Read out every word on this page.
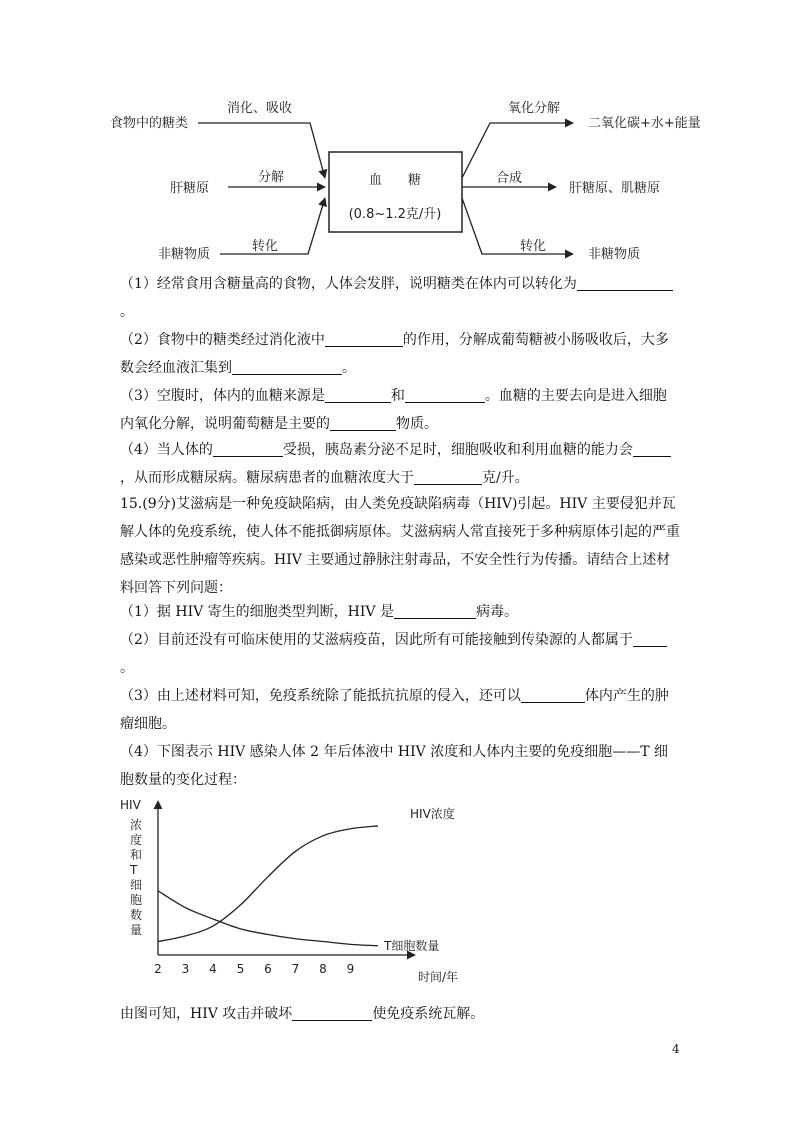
血　　糖
(0.8~1.2克/升)
食物中的糖类
消化、吸收
肝糖原
分解
非糖物质
转化
氧化分解
二氧化碳+水+能量
合成
肝糖原、肌糖原
转化
非糖物质

（1）经常食用含糖量高的食物，人体会发胖，说明糖类在体内可以转化为
。

（2）食物中的糖类经过消化液中	的作用，分解成葡萄糖被小肠吸收后，大多
数会经血液汇集到	。

（3）空腹时，体内的血糖来源是	和	。血糖的主要去向是进入细胞
内氧化分解，说明葡萄糖是主要的	物质。

（4）当人体的	受损，胰岛素分泌不足时，细胞吸收和利用血糖的能力会
，从而形成糖尿病。糖尿病患者的血糖浓度大于	克/升。

15.(9分)艾滋病是一种免疫缺陷病，由人类免疫缺陷病毒（HIV)引起。HIV 主要侵犯并瓦解人体的免疫系统，使人体不能抵御病原体。艾滋病病人常直接死于多种病原体引起的严重感染或恶性肿瘤等疾病。HIV 主要通过静脉注射毒品，不安全性行为传播。请结合上述材料回答下列问题：

（1）据 HIV 寄生的细胞类型判断，HIV 是	病毒。

（2）目前还没有可临床使用的艾滋病疫苗，因此所有可能接触到传染源的人都属于
。

（3）由上述材料可知，免疫系统除了能抵抗抗原的侵入，还可以	体内产生的肿
瘤细胞。

（4）下图表示 HIV 感染人体 2 年后体液中 HIV 浓度和人体内主要的免疫细胞——T 细胞数量的变化过程：

HIV
浓
度
和
T
细
胞
数
量
2 3 4 5 6 7 8 9
时间/年
HIV浓度
T细胞数量

由图可知，HIV 攻击并破坏	使免疫系统瓦解。

4
